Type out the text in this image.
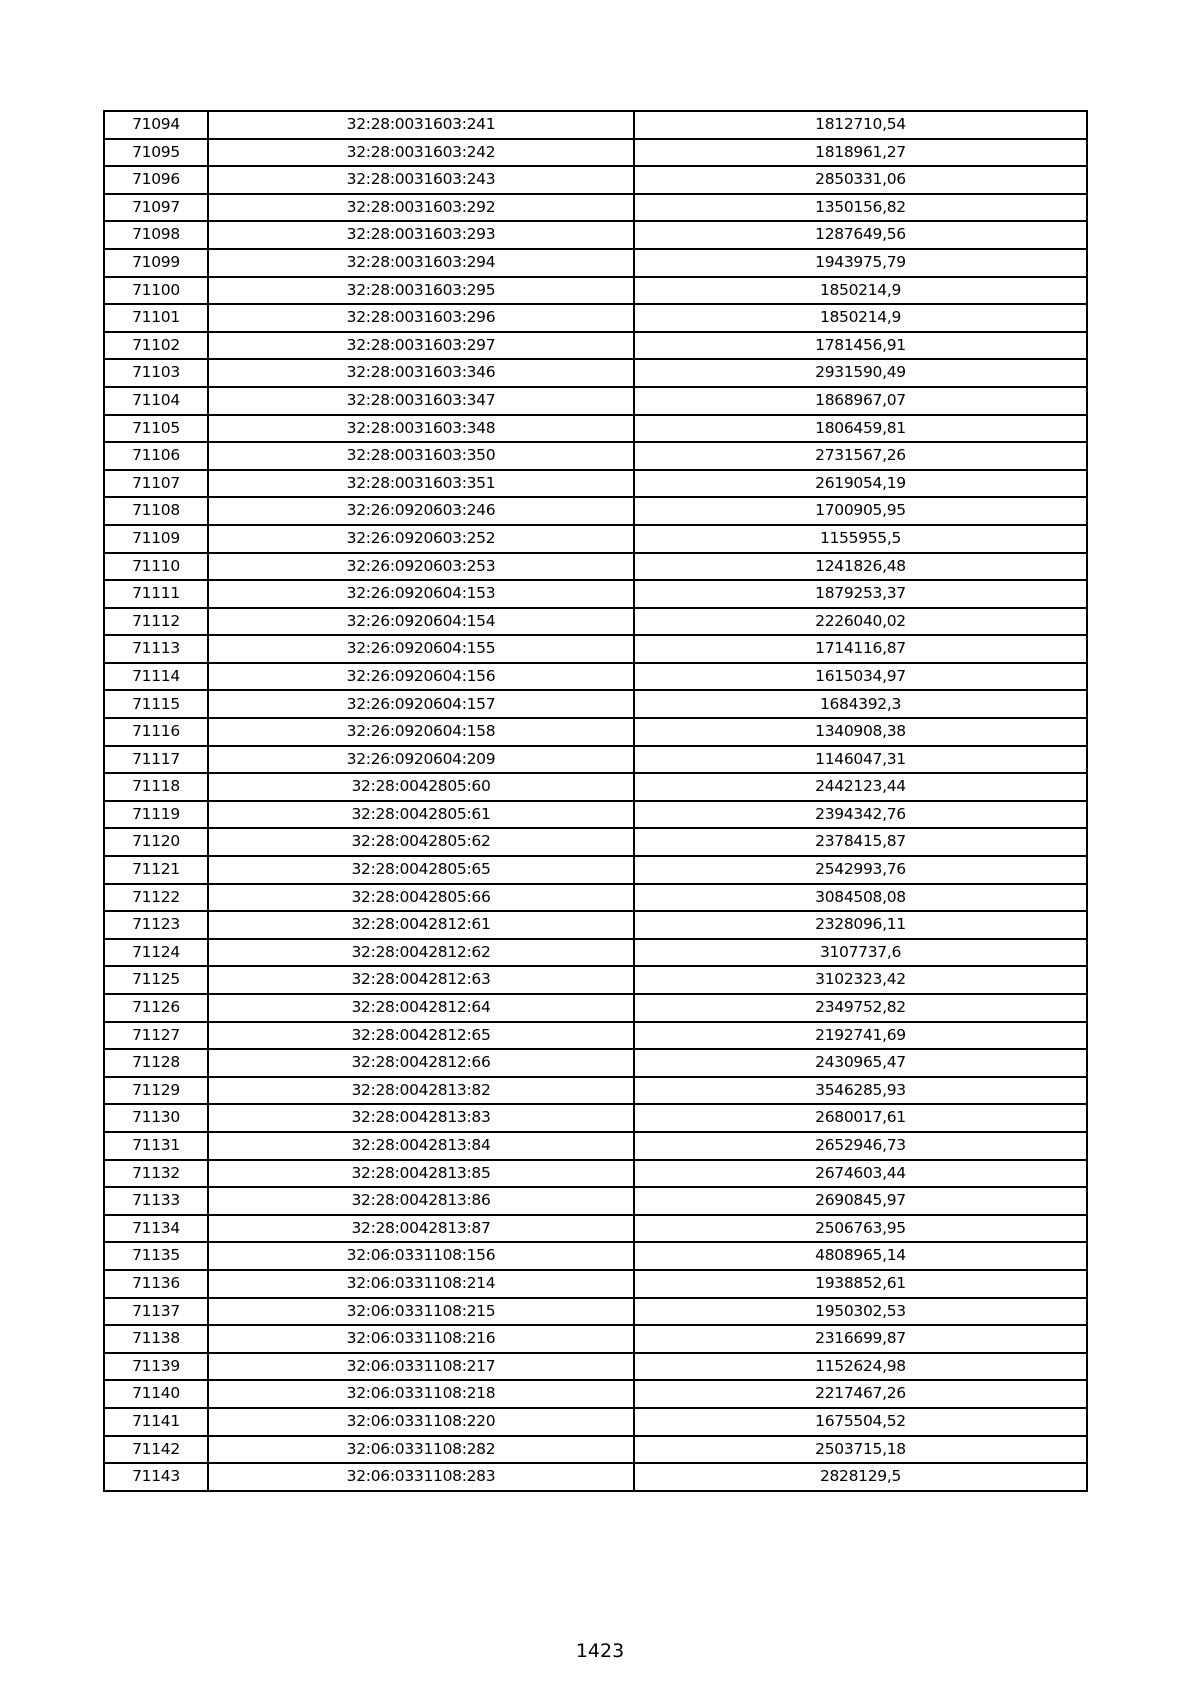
71094	32:28:0031603:241	1812710,54
71095	32:28:0031603:242	1818961,27
71096	32:28:0031603:243	2850331,06
71097	32:28:0031603:292	1350156,82
71098	32:28:0031603:293	1287649,56
71099	32:28:0031603:294	1943975,79
71100	32:28:0031603:295	1850214,9
71101	32:28:0031603:296	1850214,9
71102	32:28:0031603:297	1781456,91
71103	32:28:0031603:346	2931590,49
71104	32:28:0031603:347	1868967,07
71105	32:28:0031603:348	1806459,81
71106	32:28:0031603:350	2731567,26
71107	32:28:0031603:351	2619054,19
71108	32:26:0920603:246	1700905,95
71109	32:26:0920603:252	1155955,5
71110	32:26:0920603:253	1241826,48
71111	32:26:0920604:153	1879253,37
71112	32:26:0920604:154	2226040,02
71113	32:26:0920604:155	1714116,87
71114	32:26:0920604:156	1615034,97
71115	32:26:0920604:157	1684392,3
71116	32:26:0920604:158	1340908,38
71117	32:26:0920604:209	1146047,31
71118	32:28:0042805:60	2442123,44
71119	32:28:0042805:61	2394342,76
71120	32:28:0042805:62	2378415,87
71121	32:28:0042805:65	2542993,76
71122	32:28:0042805:66	3084508,08
71123	32:28:0042812:61	2328096,11
71124	32:28:0042812:62	3107737,6
71125	32:28:0042812:63	3102323,42
71126	32:28:0042812:64	2349752,82
71127	32:28:0042812:65	2192741,69
71128	32:28:0042812:66	2430965,47
71129	32:28:0042813:82	3546285,93
71130	32:28:0042813:83	2680017,61
71131	32:28:0042813:84	2652946,73
71132	32:28:0042813:85	2674603,44
71133	32:28:0042813:86	2690845,97
71134	32:28:0042813:87	2506763,95
71135	32:06:0331108:156	4808965,14
71136	32:06:0331108:214	1938852,61
71137	32:06:0331108:215	1950302,53
71138	32:06:0331108:216	2316699,87
71139	32:06:0331108:217	1152624,98
71140	32:06:0331108:218	2217467,26
71141	32:06:0331108:220	1675504,52
71142	32:06:0331108:282	2503715,18
71143	32:06:0331108:283	2828129,5
1423
